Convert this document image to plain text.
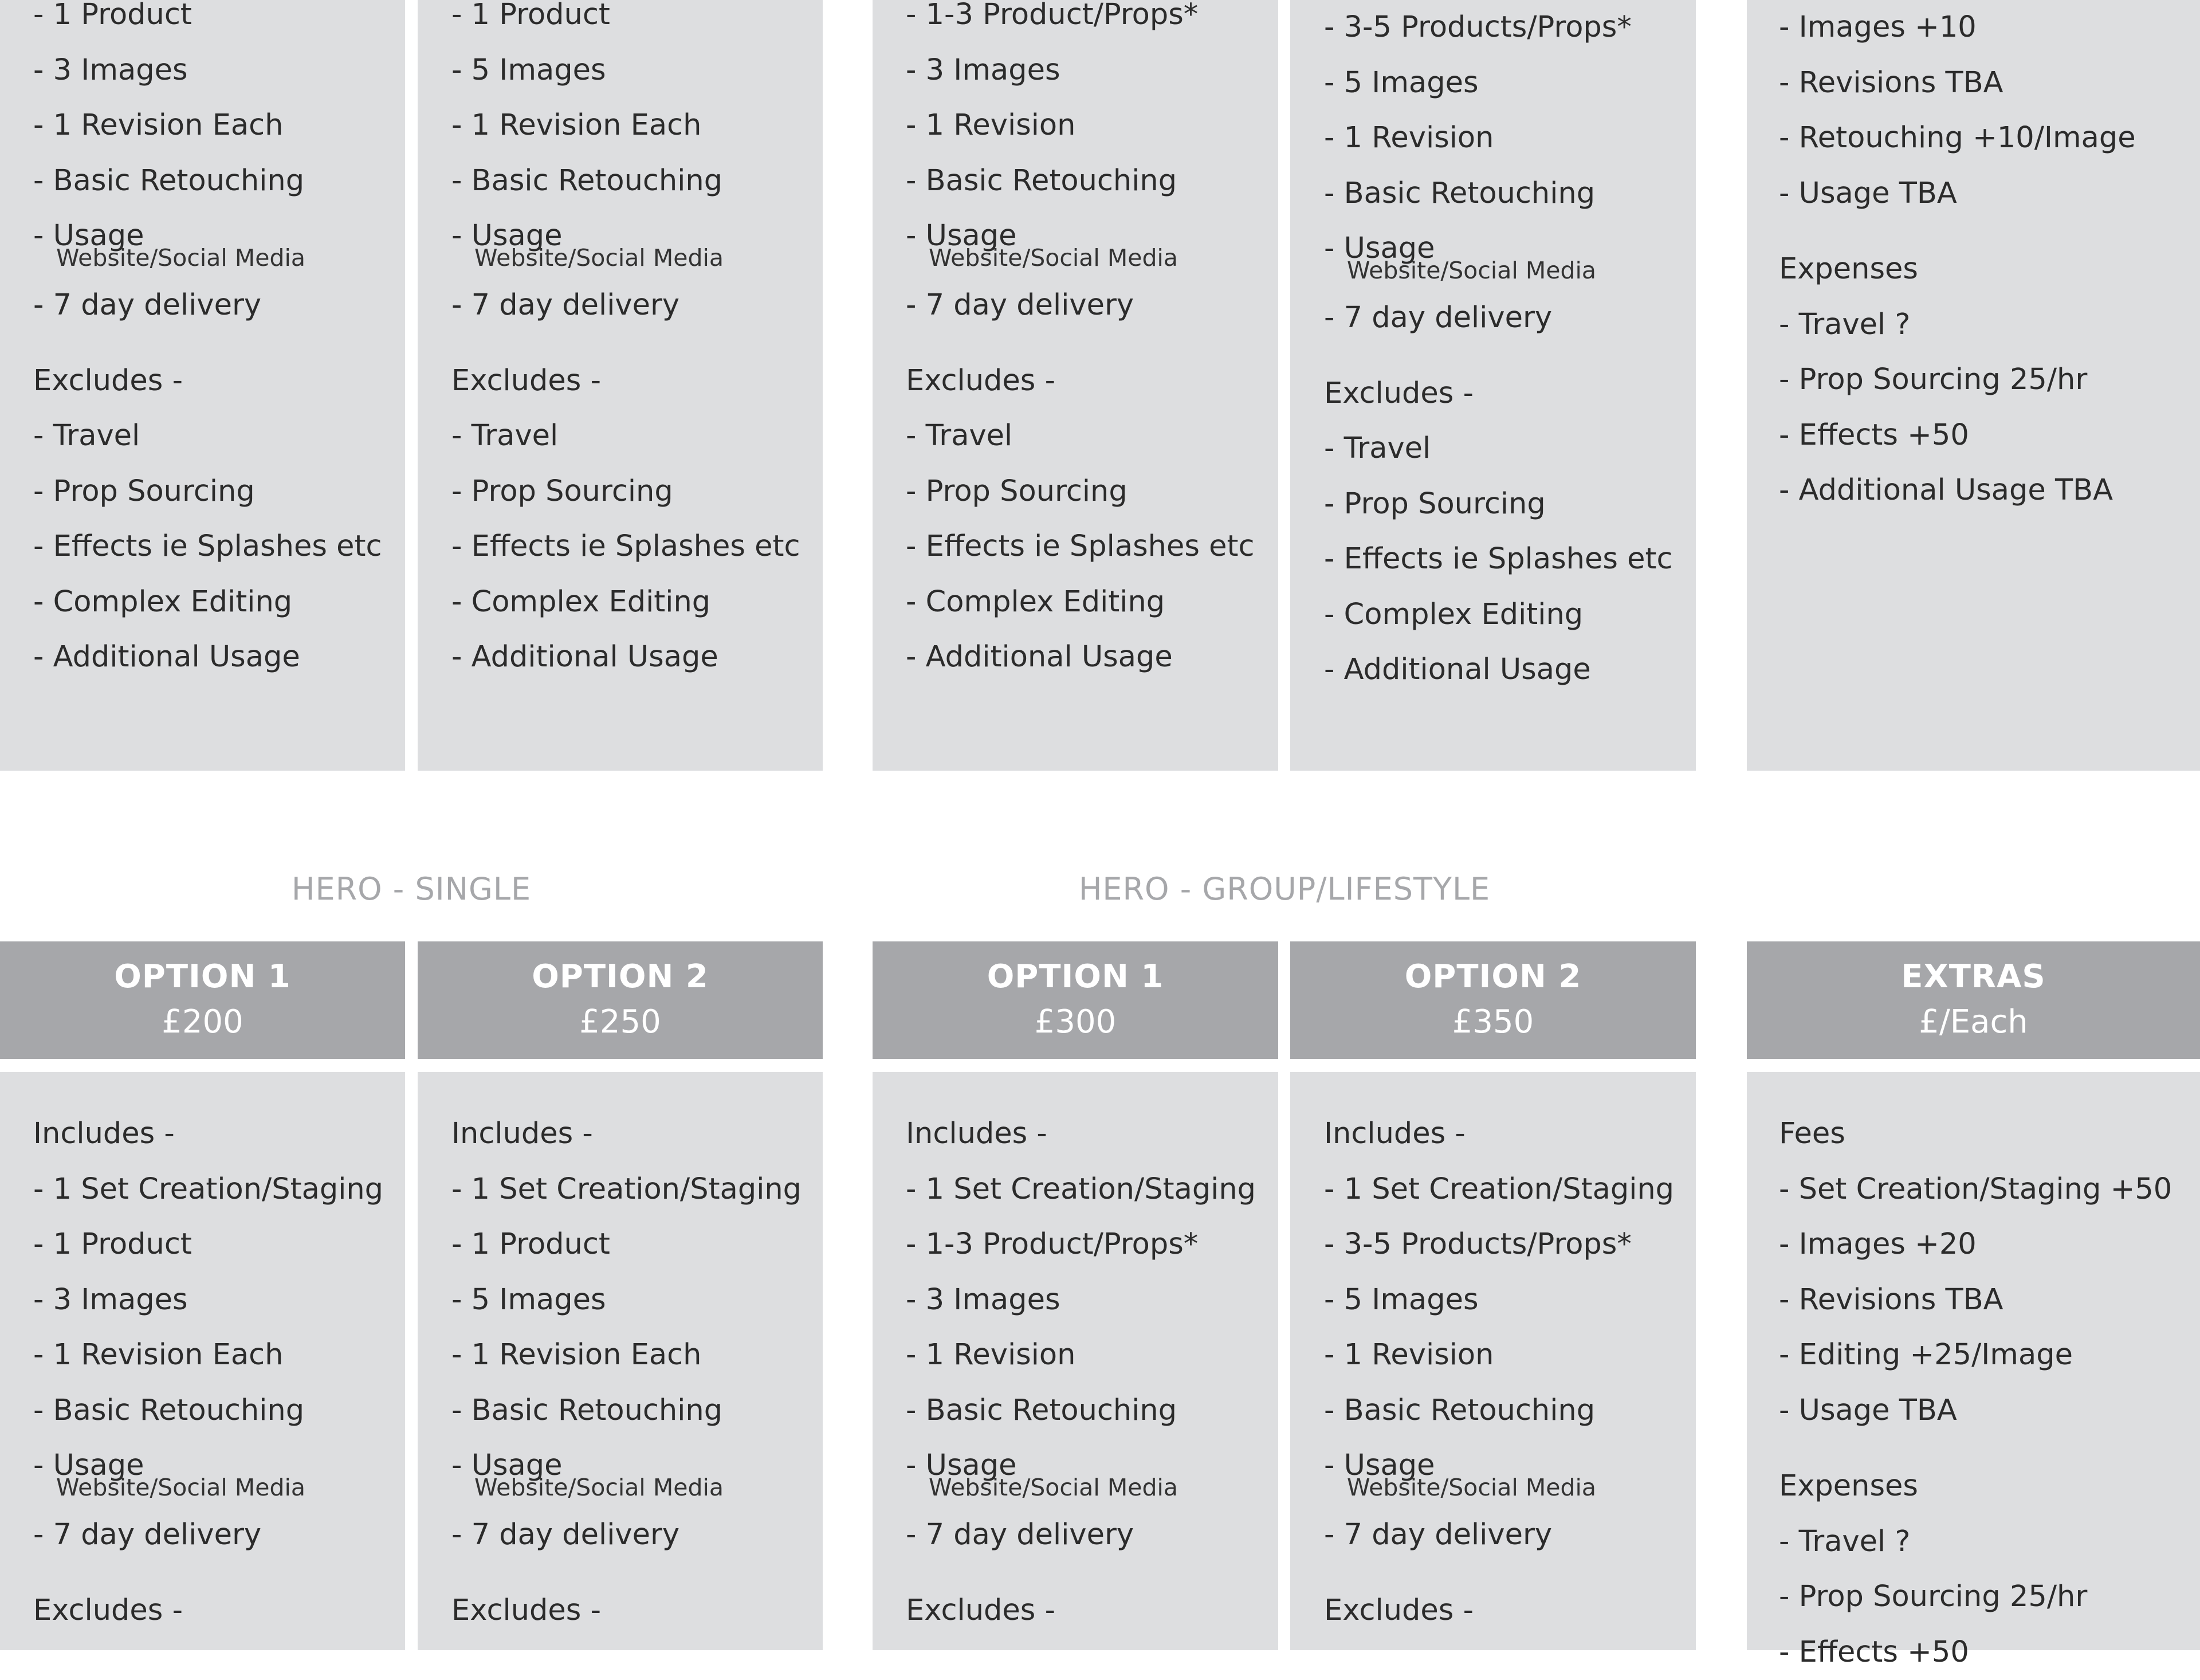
- 1 Product
- 3 Images
- 1 Revision Each
- Basic Retouching
- Usage
Website/Social Media
- 7 day delivery
Excludes -
- Travel
- Prop Sourcing
- Effects ie Splashes etc
- Complex Editing
- Additional Usage
- 1 Product
- 5 Images
- 1 Revision Each
- Basic Retouching
- Usage
Website/Social Media
- 7 day delivery
Excludes -
- Travel
- Prop Sourcing
- Effects ie Splashes etc
- Complex Editing
- Additional Usage
- 1-3 Product/Props*
- 3 Images
- 1 Revision
- Basic Retouching
- Usage
Website/Social Media
- 7 day delivery
Excludes -
- Travel
- Prop Sourcing
- Effects ie Splashes etc
- Complex Editing
- Additional Usage
- 3-5 Products/Props*
- 5 Images
- 1 Revision
- Basic Retouching
- Usage
Website/Social Media
- 7 day delivery
Excludes -
- Travel
- Prop Sourcing
- Effects ie Splashes etc
- Complex Editing
- Additional Usage
- Images +10
- Revisions TBA
- Retouching +10/Image
- Usage TBA
Expenses
- Travel ?
- Prop Sourcing 25/hr
- Effects +50
- Additional Usage TBA
HERO - SINGLE	HERO - GROUP/LIFESTYLE
OPTION 1
£200
OPTION 2
£250
OPTION 1
£300
OPTION 2
£350
EXTRAS
£/Each
Includes -
- 1 Set Creation/Staging
- 1 Product
- 3 Images
- 1 Revision Each
- Basic Retouching
- Usage
Website/Social Media
- 7 day delivery
Excludes -
Includes -
- 1 Set Creation/Staging
- 1 Product
- 5 Images
- 1 Revision Each
- Basic Retouching
- Usage
Website/Social Media
- 7 day delivery
Excludes -
Includes -
- 1 Set Creation/Staging
- 1-3 Product/Props*
- 3 Images
- 1 Revision
- Basic Retouching
- Usage
Website/Social Media
- 7 day delivery
Excludes -
Includes -
- 1 Set Creation/Staging
- 3-5 Products/Props*
- 5 Images
- 1 Revision
- Basic Retouching
- Usage
Website/Social Media
- 7 day delivery
Excludes -
Fees
- Set Creation/Staging +50
- Images +20
- Revisions TBA
- Editing +25/Image
- Usage TBA
Expenses
- Travel ?
- Prop Sourcing 25/hr
- Effects +50
